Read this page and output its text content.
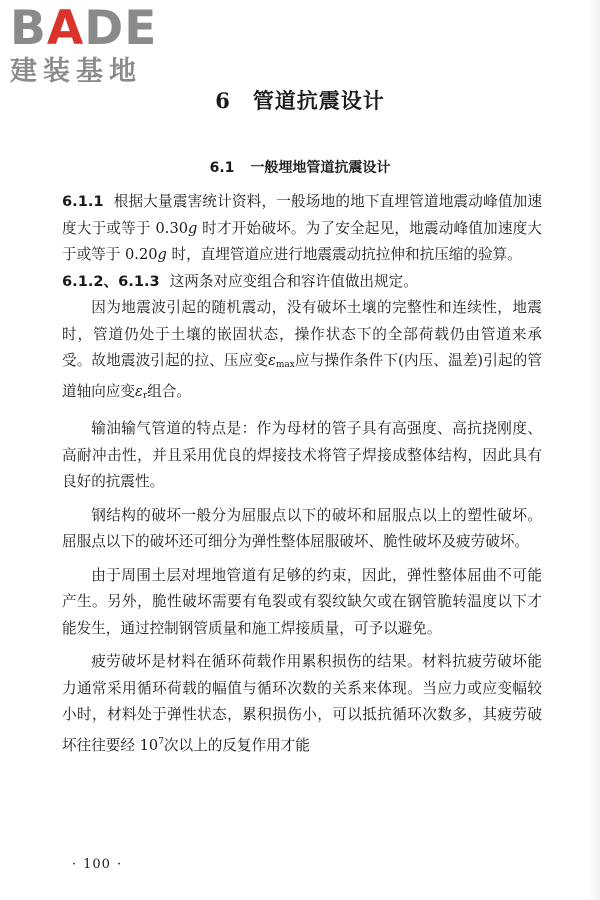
BADE
建装基地
6 管道抗震设计
6.1 一般埋地管道抗震设计

6.1.1 根据大量震害统计资料，一般场地的地下直埋管道地震动峰值加速度大于或等于 0.30g 时才开始破坏。为了安全起见，地震动峰值加速度大于或等于 0.20g 时，直埋管道应进行地震震动抗拉伸和抗压缩的验算。

6.1.2、6.1.3 这两条对应变组合和容许值做出规定。

因为地震波引起的随机震动，没有破坏土壤的完整性和连续性，地震时，管道仍处于土壤的嵌固状态，操作状态下的全部荷载仍由管道来承受。故地震波引起的拉、压应变$\varepsilon_{max}$应与操作条件下(内压、温差)引起的管道轴向应变$\varepsilon_r$组合。

输油输气管道的特点是：作为母材的管子具有高强度、高抗挠刚度、高耐冲击性，并且采用优良的焊接技术将管子焊接成整体结构，因此具有良好的抗震性。

钢结构的破坏一般分为屈服点以下的破坏和屈服点以上的塑性破坏。屈服点以下的破坏还可细分为弹性整体屈服破坏、脆性破坏及疲劳破坏。

由于周围土层对埋地管道有足够的约束，因此，弹性整体屈曲不可能产生。另外，脆性破坏需要有龟裂或有裂纹缺欠或在钢管脆转温度以下才能发生，通过控制钢管质量和施工焊接质量，可予以避免。

疲劳破坏是材料在循环荷载作用累积损伤的结果。材料抗疲劳破坏能力通常采用循环荷载的幅值与循环次数的关系来体现。当应力或应变幅较小时，材料处于弹性状态，累积损伤小，可以抵抗循环次数多，其疲劳破坏往往要经 $10^7$次以上的反复作用才能

· 100 ·
